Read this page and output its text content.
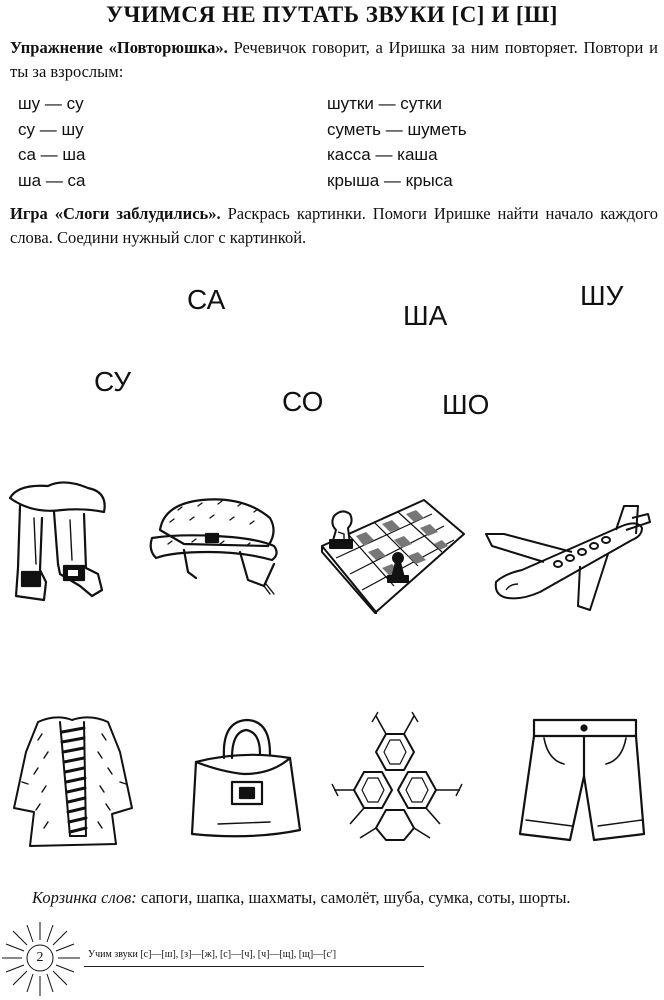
УЧИМСЯ НЕ ПУТАТЬ ЗВУКИ [С] И [Ш]
Упражнение «Повторюшка». Речевичок говорит, а Иришка за ним повторяет. Повтори и ты за взрослым:
шу — су
су — шу
са — ша
ша — са
шутки — сутки
суметь — шуметь
касса — каша
крыша — крыса
Игра «Слоги заблудились». Раскрась картинки. Помоги Иришке найти начало каждого слова. Соедини нужный слог с картинкой.
СА
ША
ШУ
СУ
СО	ШО
Корзинка слов: сапоги, шапка, шахматы, самолёт, шуба, сумка, соты, шорты.
2	Учим звуки [с]—[ш], [з]—[ж], [с]—[ч], [ч]—[щ], [щ]—[с']
